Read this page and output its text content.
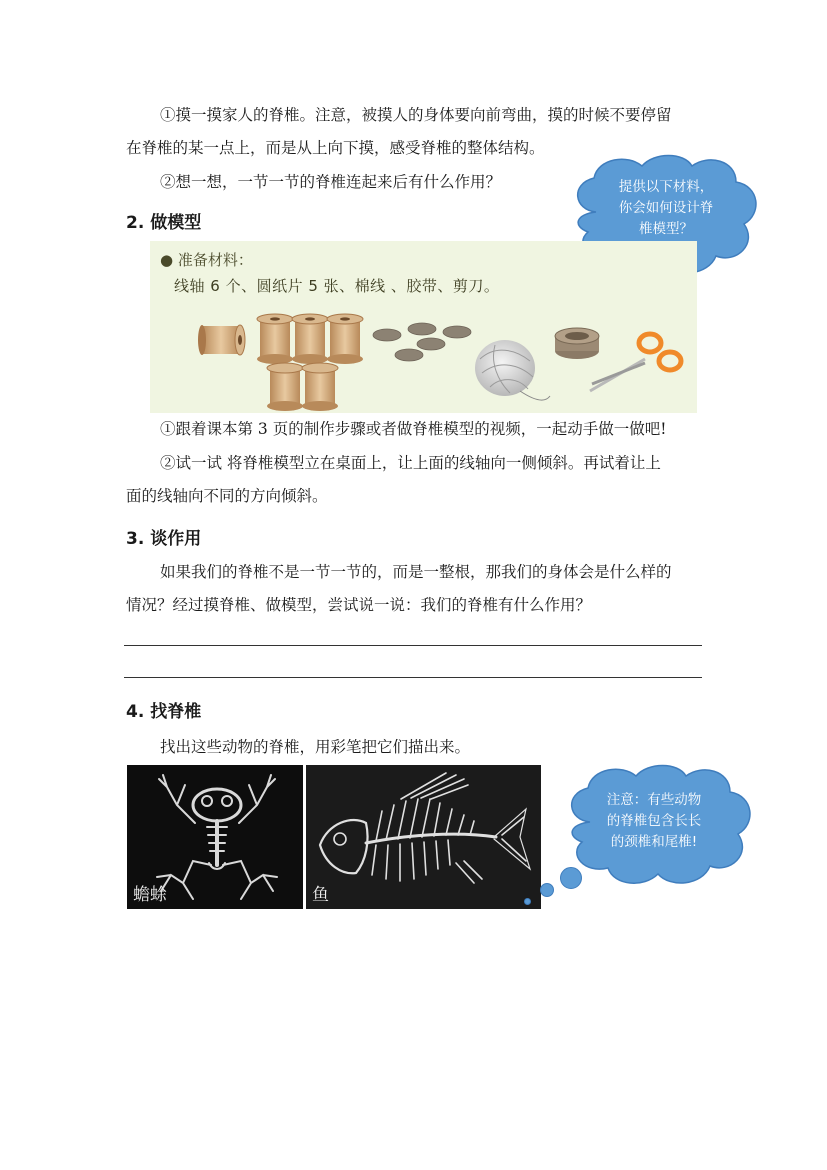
①摸一摸家人的脊椎。注意，被摸人的身体要向前弯曲，摸的时候不要停留
在脊椎的某一点上，而是从上向下摸，感受脊椎的整体结构。
②想一想，一节一节的脊椎连起来后有什么作用？	提供以下材料，
你会如何设计脊
椎模型？
2. 做模型
● 准备材料：
线轴 6 个、圆纸片 5 张、棉线 、胶带、剪刀。
①跟着课本第 3 页的制作步骤或者做脊椎模型的视频，一起动手做一做吧!
②试一试 将脊椎模型立在桌面上，让上面的线轴向一侧倾斜。再试着让上
面的线轴向不同的方向倾斜。
3. 谈作用
如果我们的脊椎不是一节一节的，而是一整根，那我们的身体会是什么样的
情况？经过摸脊椎、做模型，尝试说一说：我们的脊椎有什么作用？
4. 找脊椎
找出这些动物的脊椎，用彩笔把它们描出来。
蟾蜍	鱼
注意：有些动物
的脊椎包含长长
的颈椎和尾椎!
